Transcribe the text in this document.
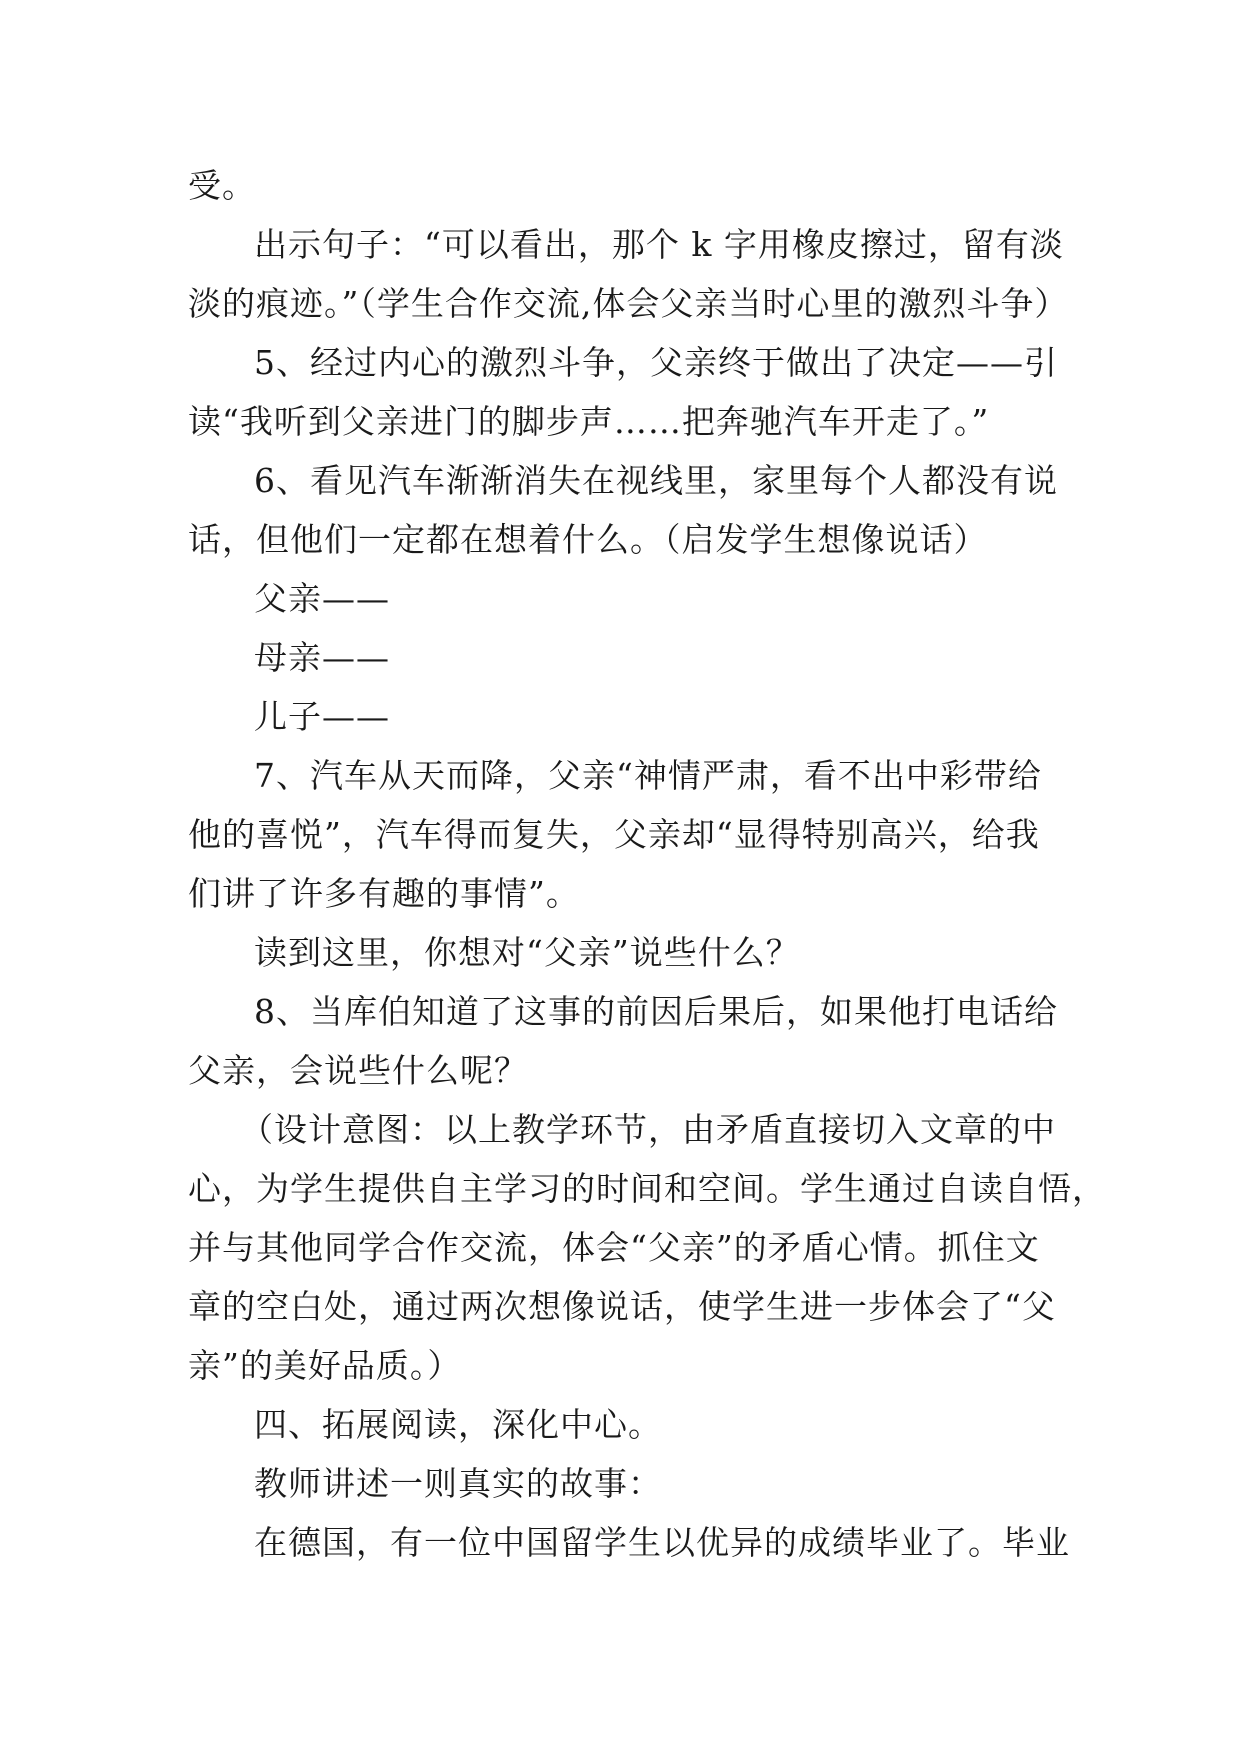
受。
出示句子：“可以看出，那个 k 字用橡皮擦过，留有淡
淡的痕迹。”（学生合作交流,体会父亲当时心里的激烈斗争）
5、经过内心的激烈斗争，父亲终于做出了决定——引
读“我听到父亲进门的脚步声……把奔驰汽车开走了。”
6、看见汽车渐渐消失在视线里，家里每个人都没有说
话，但他们一定都在想着什么。（启发学生想像说话）
父亲——
母亲——
儿子——
7、汽车从天而降，父亲“神情严肃，看不出中彩带给
他的喜悦”，汽车得而复失，父亲却“显得特别高兴，给我
们讲了许多有趣的事情”。
读到这里，你想对“父亲”说些什么？
8、当库伯知道了这事的前因后果后，如果他打电话给
父亲，会说些什么呢？
（设计意图：以上教学环节，由矛盾直接切入文章的中
心，为学生提供自主学习的时间和空间。学生通过自读自悟，
并与其他同学合作交流，体会“父亲”的矛盾心情。抓住文
章的空白处，通过两次想像说话，使学生进一步体会了“父
亲”的美好品质。）
四、拓展阅读，深化中心。
教师讲述一则真实的故事：
在德国，有一位中国留学生以优异的成绩毕业了。毕业
